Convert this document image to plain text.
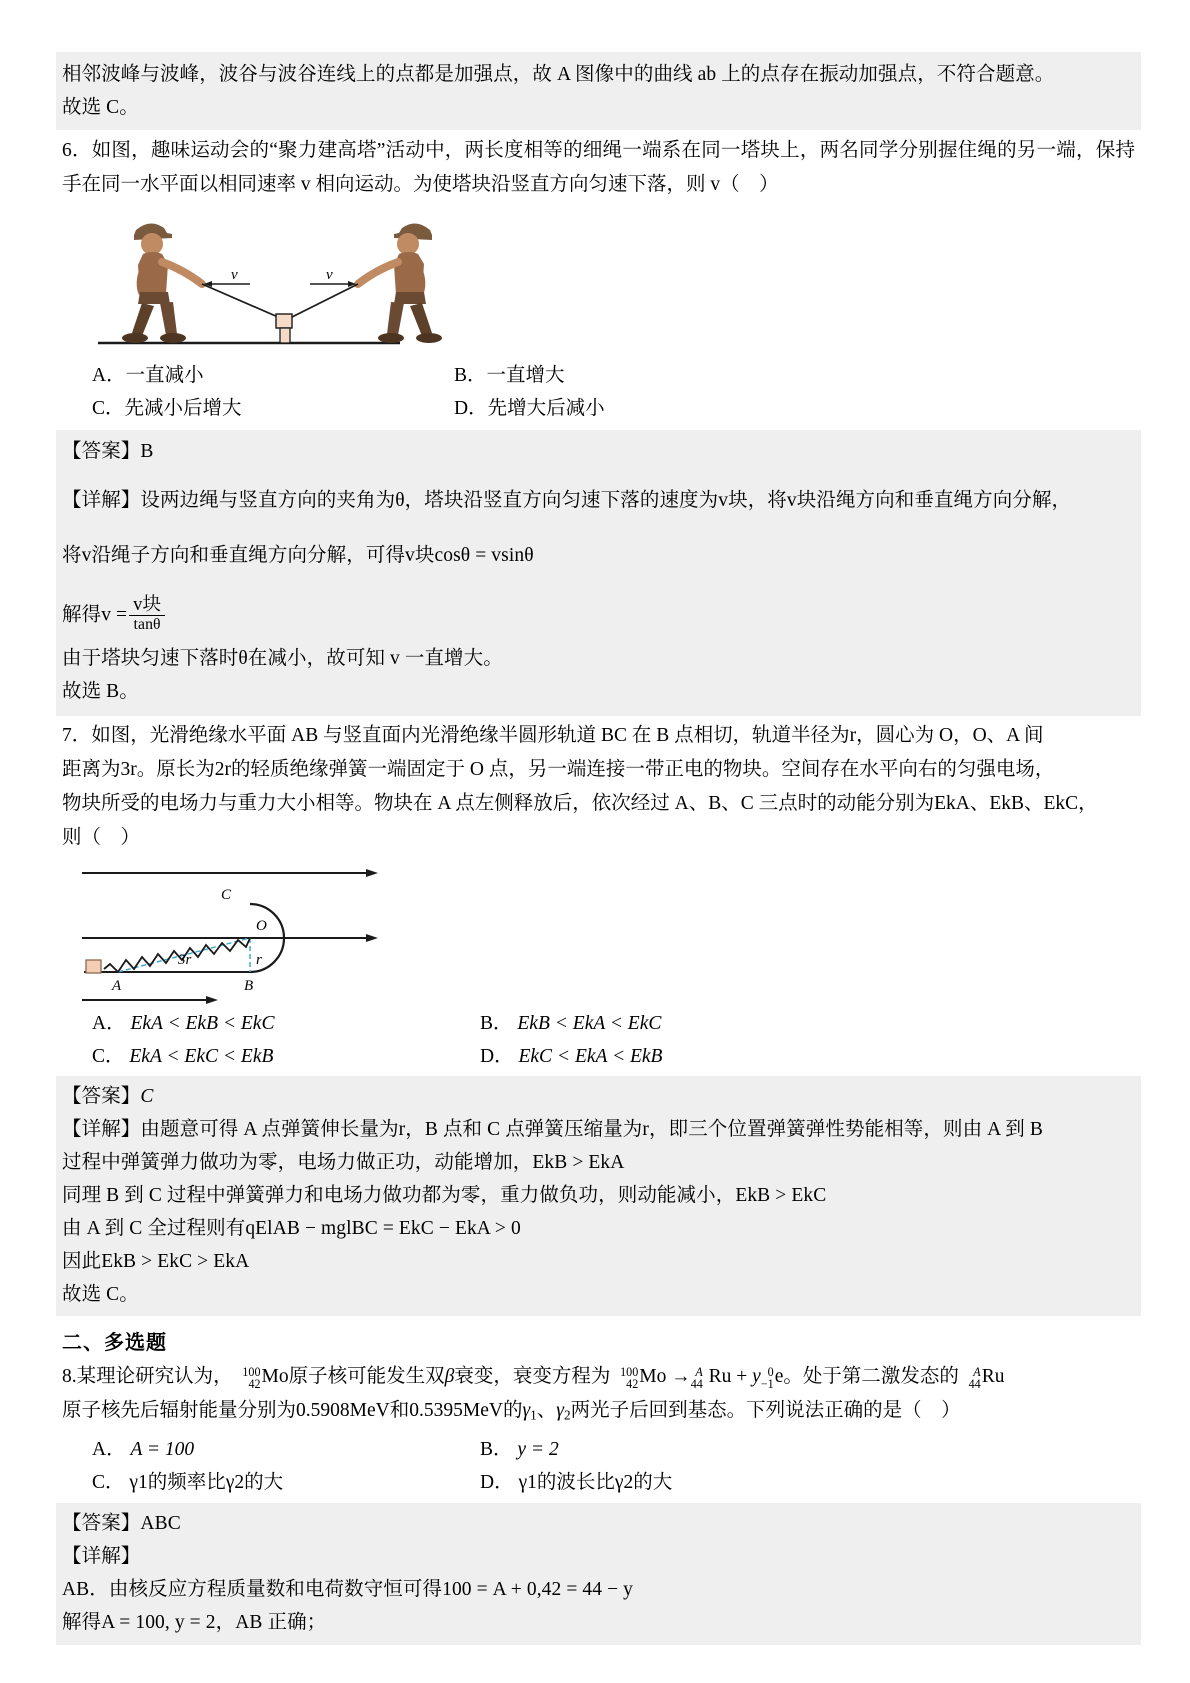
相邻波峰与波峰，波谷与波谷连线上的点都是加强点，故 A 图像中的曲线 ab 上的点存在振动加强点，不符合题意。
故选 C。
6．如图，趣味运动会的“聚力建高塔”活动中，两长度相等的细绳一端系在同一塔块上，两名同学分别握住绳的另一端，保持手在同一水平面以相同速率 v 相向运动。为使塔块沿竖直方向匀速下落，则 v（　）
v	v
A．一直减小	B．一直增大
C．先减小后增大	D．先增大后减小
【答案】B
【详解】设两边绳与竖直方向的夹角为θ，塔块沿竖直方向匀速下落的速度为v块，将v块沿绳方向和垂直绳方向分解，
将v沿绳子方向和垂直绳方向分解，可得v块cosθ = vsinθ
解得$v = \frac{\text{v块}}{\tan\theta}$
由于塔块匀速下落时θ在减小，故可知 v 一直增大。
故选 B。
7．如图，光滑绝缘水平面 AB 与竖直面内光滑绝缘半圆形轨道 BC 在 B 点相切，轨道半径为r，圆心为 O，O、A 间
距离为3r。原长为2r的轻质绝缘弹簧一端固定于 O 点，另一端连接一带正电的物块。空间存在水平向右的匀强电场，
物块所受的电场力与重力大小相等。物块在 A 点左侧释放后，依次经过 A、B、C 三点时的动能分别为EkA、EkB、EkC，
则（　）
C
O
A	B
3r	r
A． EkA < EkB < EkC	B． EkB < EkA < EkC
C． EkA < EkC < EkB	D． EkC < EkA < EkB
【答案】C
【详解】由题意可得 A 点弹簧伸长量为r，B 点和 C 点弹簧压缩量为r，即三个位置弹簧弹性势能相等，则由 A 到 B
过程中弹簧弹力做功为零，电场力做正功，动能增加，EkB > EkA
同理 B 到 C 过程中弹簧弹力和电场力做功都为零，重力做负功，则动能减小，EkB > EkC
由 A 到 C 全过程则有qElAB − mglBC = EkC − EkA > 0
因此EkB > EkC > EkA
故选 C。
二、多选题
8.某理论研究认为， 100
42 Mo原子核可能发生双β衰变，衰变方程为 100
42 Mo → A
44 Ru + y 0
−1 e。处于第二激发态的 A
44 Ru
原子核先后辐射能量分别为0.5908MeV和0.5395MeV的$\gamma_1$、$\gamma_2$两光子后回到基态。下列说法正确的是（　）
A． A = 100	B． y = 2
C． γ1的频率比γ2的大	D． γ1的波长比γ2的大
【答案】ABC
【详解】
AB．由核反应方程质量数和电荷数守恒可得100 = A + 0,42 = 44 − y
解得A = 100, y = 2，AB 正确；
